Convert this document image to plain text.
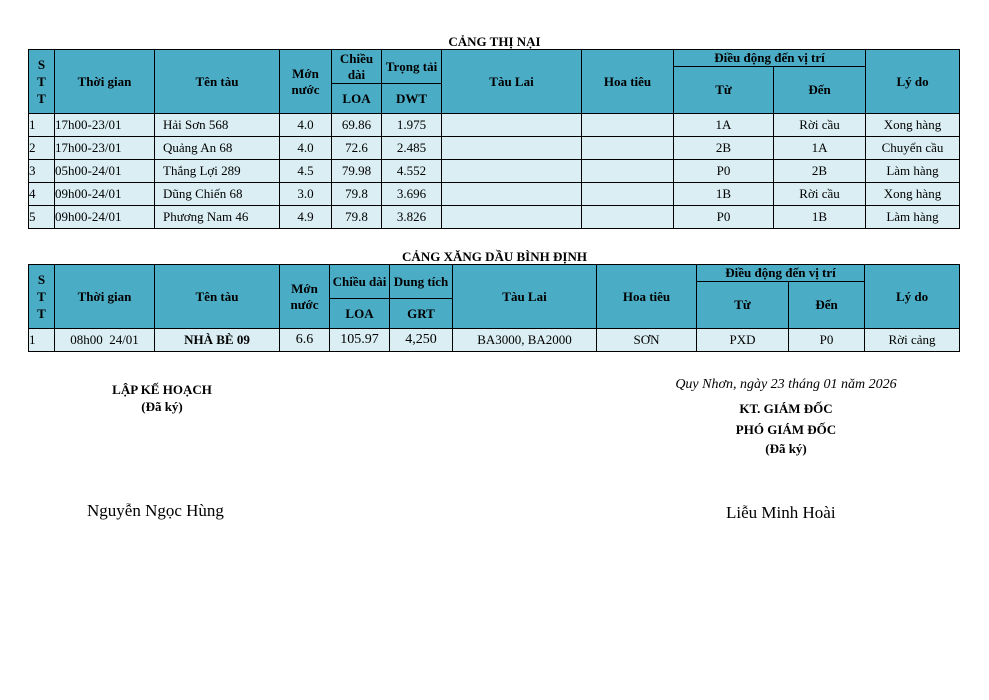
CẢNG THỊ NẠI
S
T
T	Thời gian	Tên tàu	Mớn nước	Chiều dài	Trọng tải	Tàu Lai	Hoa tiêu	Điều động đến vị trí		Lý do
								Từ	Đến	
				LOA	DWT					
1	17h00-23/01	Hải Sơn 568	4.0	69.86	1.975			1A	Rời cầu	Xong hàng
2	17h00-23/01	Quảng An 68	4.0	72.6	2.485			2B	1A	Chuyển cầu
3	05h00-24/01	Thắng Lợi 289	4.5	79.98	4.552			P0	2B	Làm hàng
4	09h00-24/01	Dũng Chiến 68	3.0	79.8	3.696			1B	Rời cầu	Xong hàng
5	09h00-24/01	Phương Nam 46	4.9	79.8	3.826			P0	1B	Làm hàng
CẢNG XĂNG DẦU BÌNH ĐỊNH
S
T
T	Thời gian	Tên tàu	Mớn nước	Chiều dài	Dung tích	Tàu Lai	Hoa tiêu	Điều động đến vị trí		Lý do
								Từ	Đến	
				LOA	GRT					
1	08h00  24/01	NHÀ BÈ 09	6.6	105.97	4,250	BA3000, BA2000	SƠN	PXD	P0	Rời cảng
LẬP KẾ HOẠCH
(Đã ký)
Nguyễn Ngọc Hùng
Quy Nhơn, ngày 23 tháng 01 năm 2026
KT. GIÁM ĐỐC
PHÓ GIÁM ĐỐC
(Đã ký)
Liễu Minh Hoài
